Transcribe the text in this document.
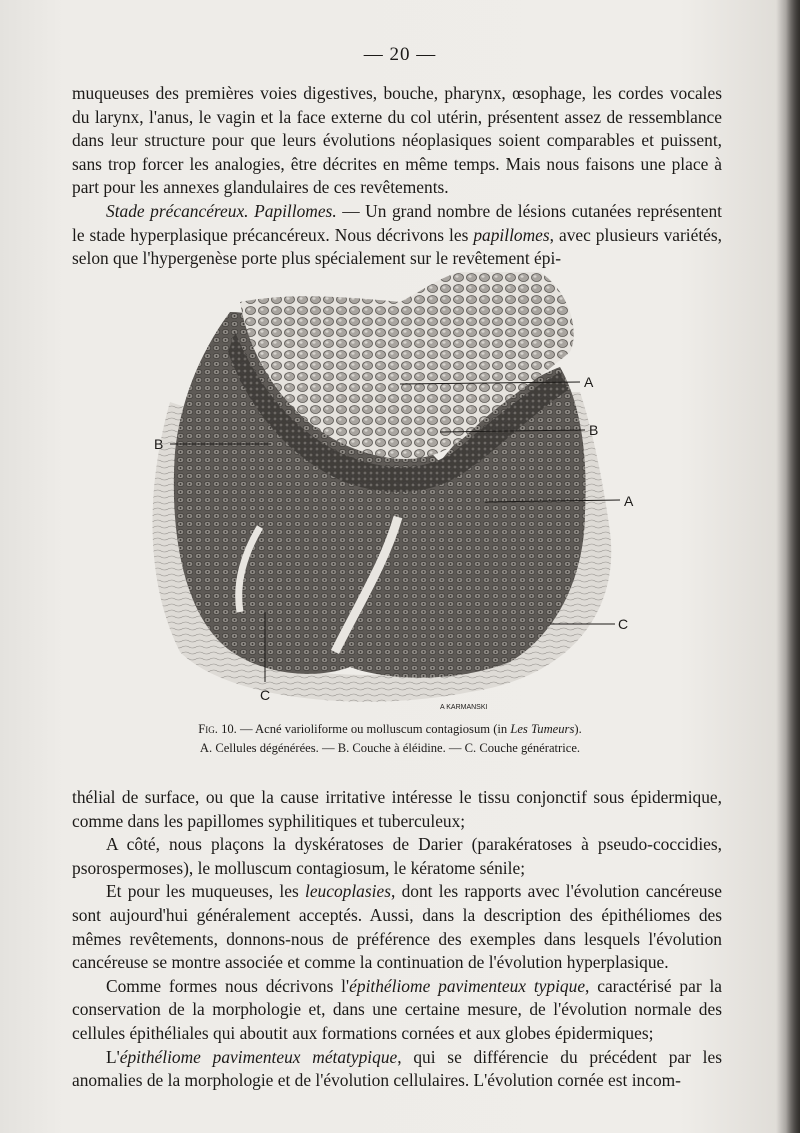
— 20 —

muqueuses des premières voies digestives, bouche, pharynx, œsophage, les cordes vocales du larynx, l'anus, le vagin et la face externe du col utérin, présentent assez de ressemblance dans leur structure pour que leurs évolutions néoplasiques soient comparables et puissent, sans trop forcer les analogies, être décrites en même temps. Mais nous faisons une place à part pour les annexes glandulaires de ces revêtements.

Stade précancéreux. Papillomes. — Un grand nombre de lésions cutanées représentent le stade hyperplasique précancéreux. Nous décrivons les papillomes, avec plusieurs variétés, selon que l'hypergenèse porte plus spécialement sur le revêtement épi-

A
B
A
B
C
C
A KARMANSKI
Fig. 10. — Acné varioliforme ou molluscum contagiosum (in Les Tumeurs).
A. Cellules dégénérées. — B. Couche à éléidine. — C. Couche génératrice.

thélial de surface, ou que la cause irritative intéresse le tissu conjonctif sous épidermique, comme dans les papillomes syphilitiques et tuberculeux;

A côté, nous plaçons la dyskératoses de Darier (parakératoses à pseudo-coccidies, psorospermoses), le molluscum contagiosum, le kératome sénile;

Et pour les muqueuses, les leucoplasies, dont les rapports avec l'évolution cancéreuse sont aujourd'hui généralement acceptés. Aussi, dans la description des épithéliomes des mêmes revêtements, donnons-nous de préférence des exemples dans lesquels l'évolution cancéreuse se montre associée et comme la continuation de l'évolution hyperplasique.

Comme formes nous décrivons l'épithéliome pavimenteux typique, caractérisé par la conservation de la morphologie et, dans une certaine mesure, de l'évolution normale des cellules épithéliales qui aboutit aux formations cornées et aux globes épidermiques;

L'épithéliome pavimenteux métatypique, qui se différencie du précédent par les anomalies de la morphologie et de l'évolution cellulaires. L'évolution cornée est incom-
